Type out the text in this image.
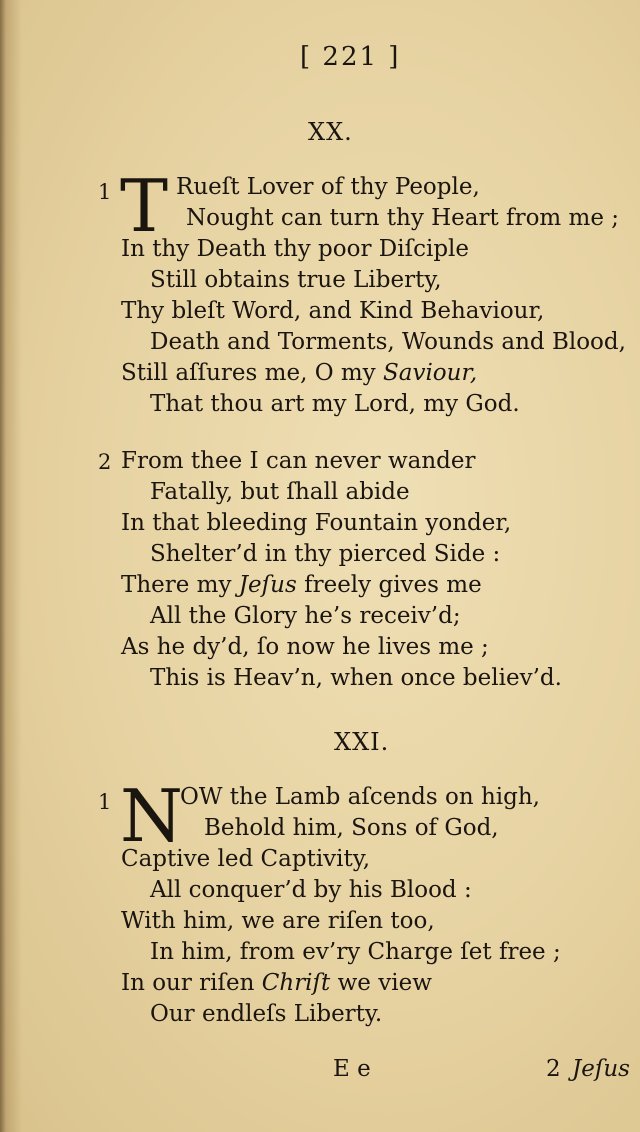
[ 221 ]
XX.
1 T Rueſt Lover of thy People,
Nought can turn thy Heart from me ;
In thy Death thy poor Diſciple
Still obtains true Liberty,
Thy bleſt Word, and Kind Behaviour,
Death and Torments, Wounds and Blood,
Still aſſures me, O my Saviour,
That thou art my Lord, my God.
2 From thee I can never wander
Fatally, but ſhall abide
In that bleeding Fountain yonder,
Shelter’d in thy pierced Side :
There my Jeſus freely gives me
All the Glory he’s receiv’d;
As he dy’d, ſo now he lives me ;
This is Heav’n, when once believ’d.
XXI.
1 N
OW the Lamb aſcends on high,
Behold him, Sons of God,
Captive led Captivity,
All conquer’d by his Blood :
With him, we are riſen too,
In him, from ev’ry Charge ſet free ;
In our riſen Chriſt we view
Our endleſs Liberty.
E e	2 Jeſus
